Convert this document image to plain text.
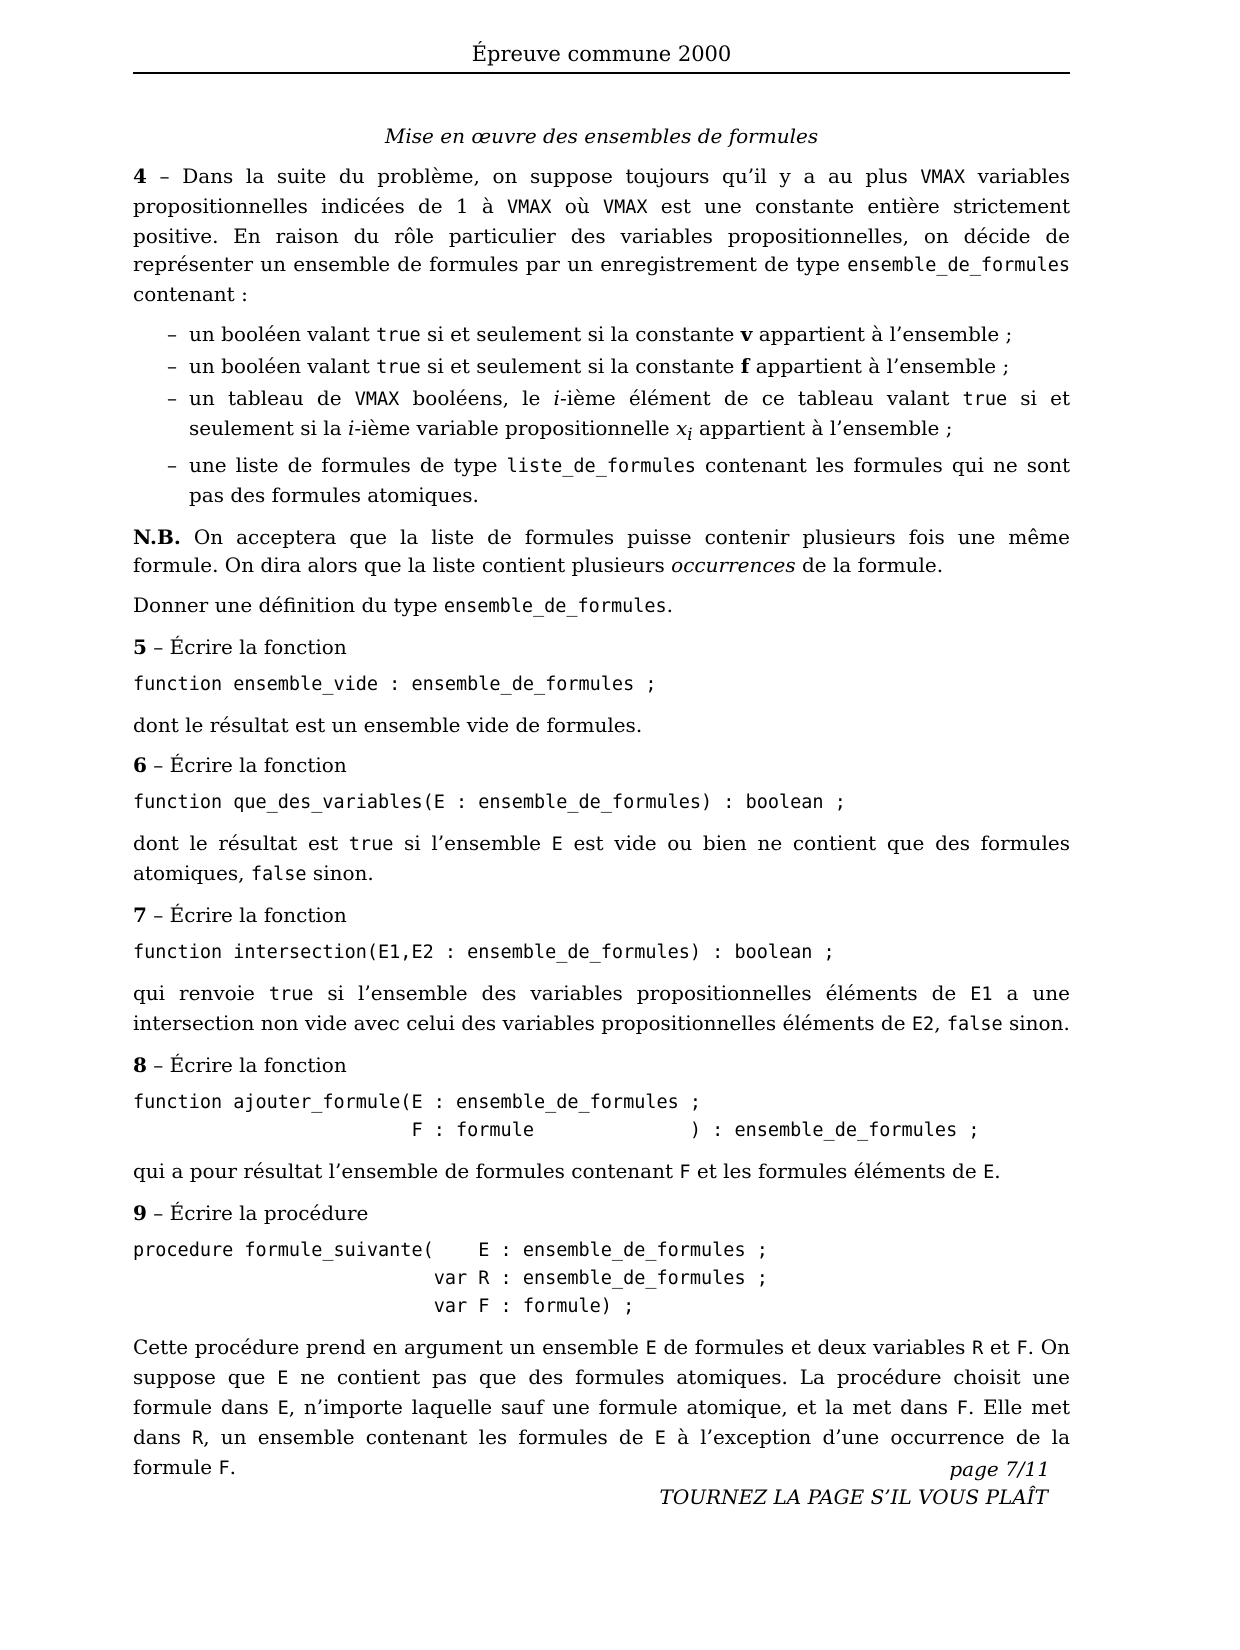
Épreuve commune 2000
Mise en œuvre des ensembles de formules

4 – Dans la suite du problème, on suppose toujours qu’il y a au plus VMAX variables propositionnelles indicées de 1 à VMAX où VMAX est une constante entière strictement positive. En raison du rôle particulier des variables propositionnelles, on décide de représenter un ensemble de formules par un enregistrement de type ensemble_de_formules contenant :

– un booléen valant true si et seulement si la constante v appartient à l’ensemble ;
– un booléen valant true si et seulement si la constante f appartient à l’ensemble ;
– un tableau de VMAX booléens, le i-ième élément de ce tableau valant true si et seulement si la i-ième variable propositionnelle $x_i$ appartient à l’ensemble ;
– une liste de formules de type liste_de_formules contenant les formules qui ne sont pas des formules atomiques.

N.B. On acceptera que la liste de formules puisse contenir plusieurs fois une même formule. On dira alors que la liste contient plusieurs occurrences de la formule.

Donner une définition du type ensemble_de_formules.

5 – Écrire la fonction

function ensemble_vide : ensemble_de_formules ;

dont le résultat est un ensemble vide de formules.

6 – Écrire la fonction

function que_des_variables(E : ensemble_de_formules) : boolean ;

dont le résultat est true si l’ensemble E est vide ou bien ne contient que des formules atomiques, false sinon.

7 – Écrire la fonction

function intersection(E1,E2 : ensemble_de_formules) : boolean ;

qui renvoie true si l’ensemble des variables propositionnelles éléments de E1 a une intersection non vide avec celui des variables propositionnelles éléments de E2, false sinon.

8 – Écrire la fonction

function ajouter_formule(E : ensemble_de_formules ;
F : formule              ) : ensemble_de_formules ;

qui a pour résultat l’ensemble de formules contenant F et les formules éléments de E.

9 – Écrire la procédure

procedure formule_suivante(    E : ensemble_de_formules ;
var R : ensemble_de_formules ;
var F : formule) ;

Cette procédure prend en argument un ensemble E de formules et deux variables R et F. On suppose que E ne contient pas que des formules atomiques. La procédure choisit une formule dans E, n’importe laquelle sauf une formule atomique, et la met dans F. Elle met dans R, un ensemble contenant les formules de E à l’exception d’une occurrence de la formule F.	page 7/11
TOURNEZ LA PAGE S’IL VOUS PLAÎT
